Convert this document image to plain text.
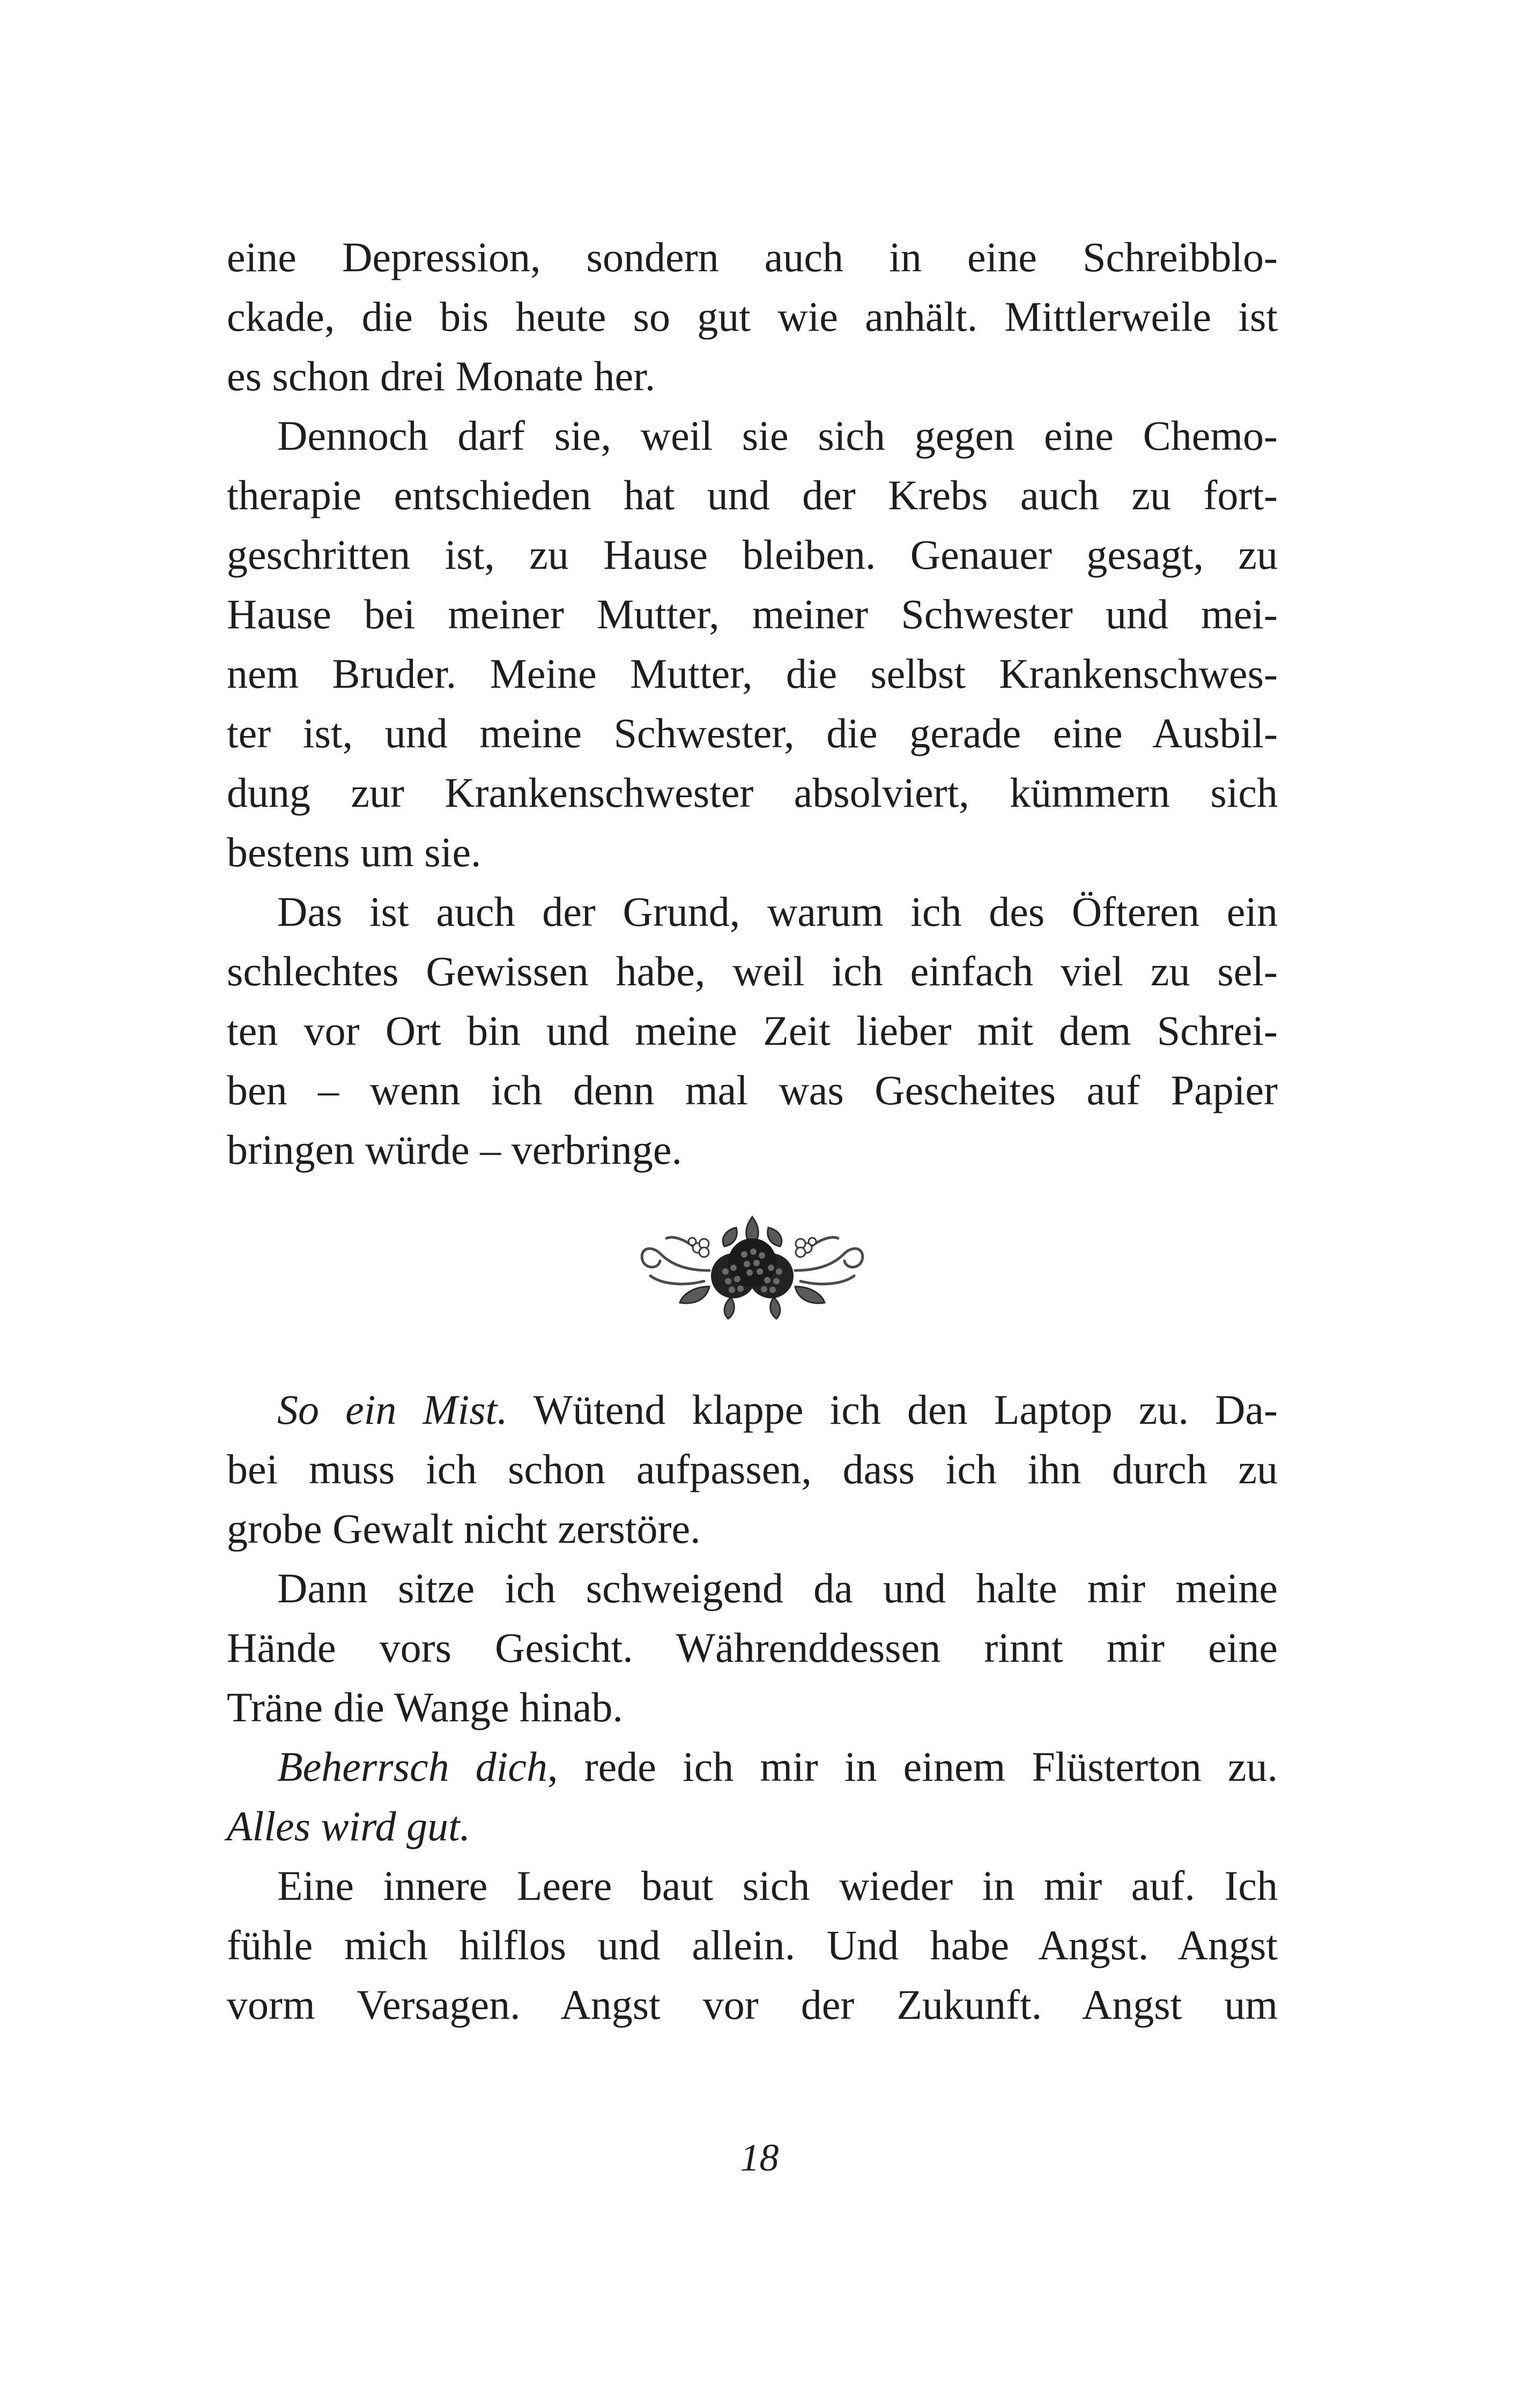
eine Depression, sondern auch in eine Schreibblo-
ckade, die bis heute so gut wie anhält. Mittlerweile ist
es schon drei Monate her.
Dennoch darf sie, weil sie sich gegen eine Chemo-
therapie entschieden hat und der Krebs auch zu fort-
geschritten ist, zu Hause bleiben. Genauer gesagt, zu
Hause bei meiner Mutter, meiner Schwester und mei-
nem Bruder. Meine Mutter, die selbst Krankenschwes-
ter ist, und meine Schwester, die gerade eine Ausbil-
dung zur Krankenschwester absolviert, kümmern sich
bestens um sie.
Das ist auch der Grund, warum ich des Öfteren ein
schlechtes Gewissen habe, weil ich einfach viel zu sel-
ten vor Ort bin und meine Zeit lieber mit dem Schrei-
ben – wenn ich denn mal was Gescheites auf Papier
bringen würde – verbringe.
So ein Mist. Wütend klappe ich den Laptop zu. Da-
bei muss ich schon aufpassen, dass ich ihn durch zu
grobe Gewalt nicht zerstöre.
Dann sitze ich schweigend da und halte mir meine
Hände vors Gesicht. Währenddessen rinnt mir eine
Träne die Wange hinab.
Beherrsch dich, rede ich mir in einem Flüsterton zu.
Alles wird gut.
Eine innere Leere baut sich wieder in mir auf. Ich
fühle mich hilflos und allein. Und habe Angst. Angst
vorm Versagen. Angst vor der Zukunft. Angst um
18
